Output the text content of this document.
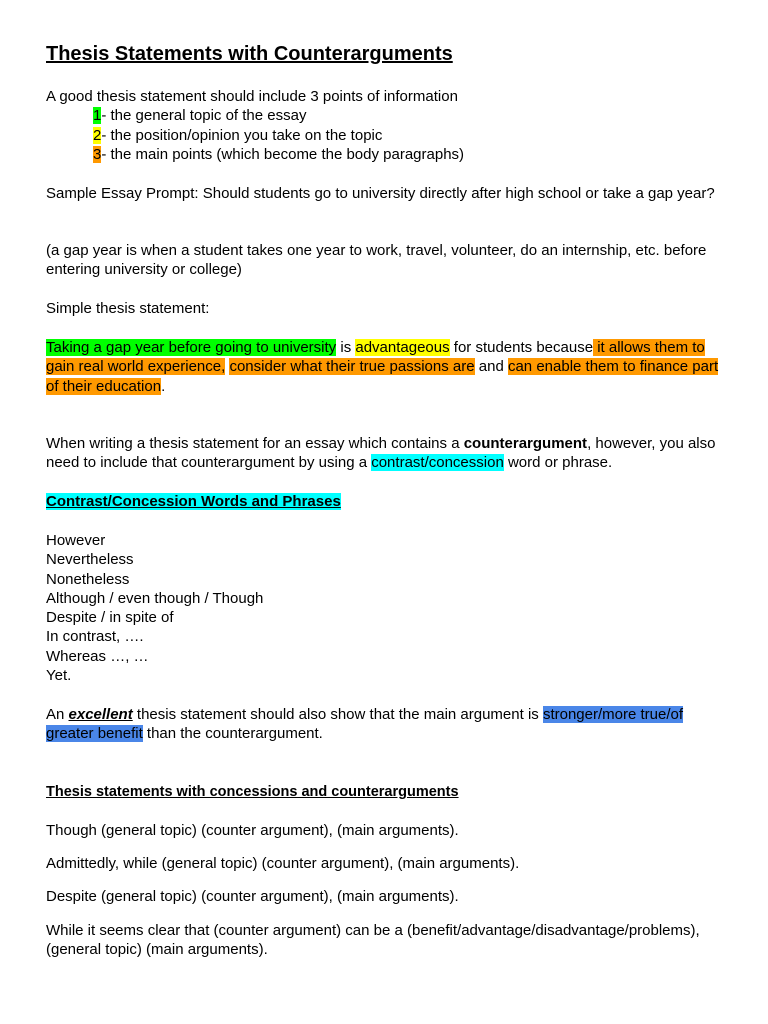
Thesis Statements with Counterarguments
A good thesis statement should include 3 points of information
1- the general topic of the essay
2- the position/opinion you take on the topic
3- the main points (which become the body paragraphs)
Sample Essay Prompt: Should students go to university directly after high school or take a gap year?
(a gap year is when a student takes one year to work, travel, volunteer, do an internship, etc. before entering university or college)
Simple thesis statement:
Taking a gap year before going to university is advantageous for students because it allows them to gain real world experience, consider what their true passions are and can enable them to finance part of their education.
When writing a thesis statement for an essay which contains a counterargument, however, you also need to include that counterargument by using a contrast/concession word or phrase.
Contrast/Concession Words and Phrases
However
Nevertheless
Nonetheless
Although / even though / Though
Despite / in spite of
In contrast, ….
Whereas …, …
Yet.
An excellent thesis statement should also show that the main argument is stronger/more true/of greater benefit than the counterargument.
Thesis statements with concessions and counterarguments
Though (general topic) (counter argument), (main arguments).
Admittedly, while (general topic) (counter argument), (main arguments).
Despite (general topic) (counter argument), (main arguments).
While it seems clear that (counter argument) can be a (benefit/advantage/disadvantage/problems), (general topic) (main arguments).
